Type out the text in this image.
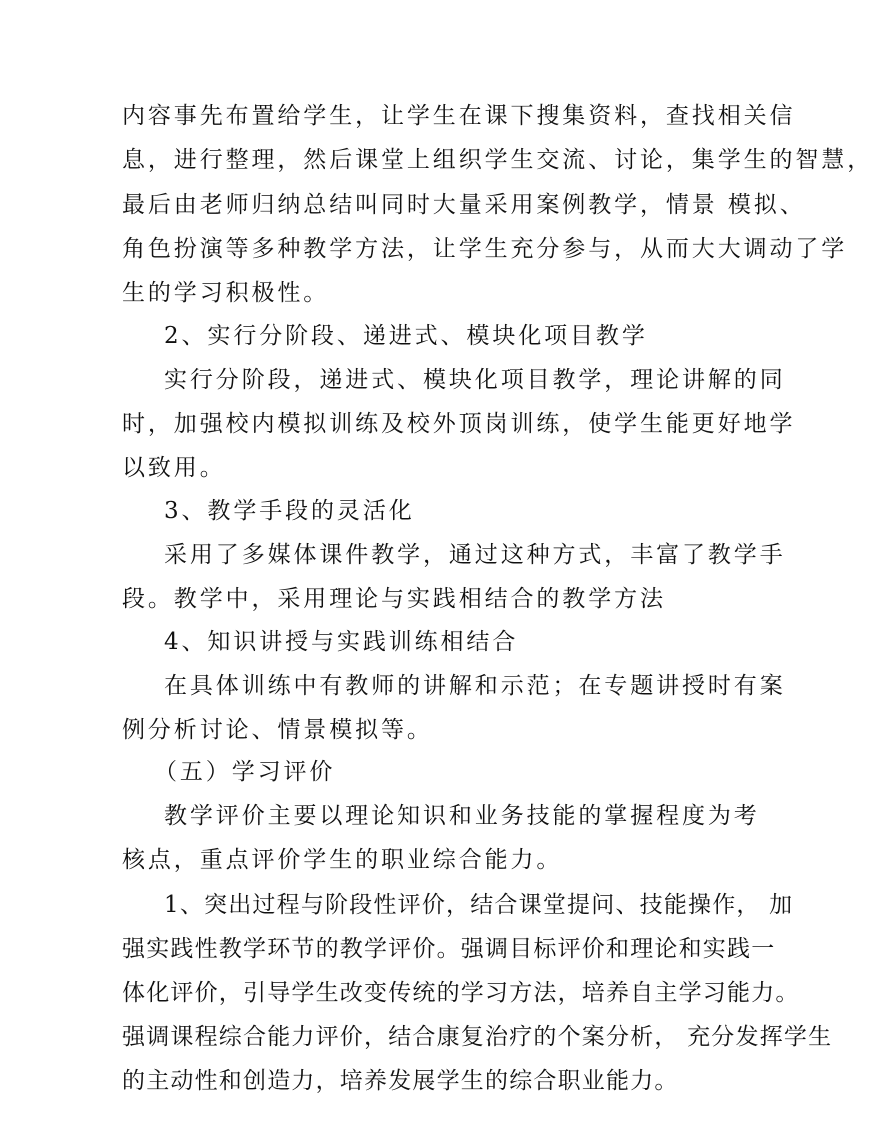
内容事先布置给学生，让学生在课下搜集资料，查找相关信
息，进行整理，然后课堂上组织学生交流、讨论，集学生的智慧，
最后由老师归纳总结叫同时大量采用案例教学，情景 模拟、
角色扮演等多种教学方法，让学生充分参与，从而大大调动了学
生的学习积极性。
2、实行分阶段、递进式、模块化项目教学
实行分阶段，递进式、模块化项目教学，理论讲解的同
时，加强校内模拟训练及校外顶岗训练，使学生能更好地学
以致用。
3、教学手段的灵活化
采用了多媒体课件教学，通过这种方式，丰富了教学手
段。教学中，采用理论与实践相结合的教学方法
4、知识讲授与实践训练相结合
在具体训练中有教师的讲解和示范；在专题讲授时有案
例分析讨论、情景模拟等。
（五）学习评价
教学评价主要以理论知识和业务技能的掌握程度为考
核点，重点评价学生的职业综合能力。
1、突出过程与阶段性评价，结合课堂提问、技能操作， 加
强实践性教学环节的教学评价。强调目标评价和理论和实践一
体化评价，引导学生改变传统的学习方法，培养自主学习能力。
强调课程综合能力评价，结合康复治疗的个案分析， 充分发挥学生
的主动性和创造力，培养发展学生的综合职业能力。
